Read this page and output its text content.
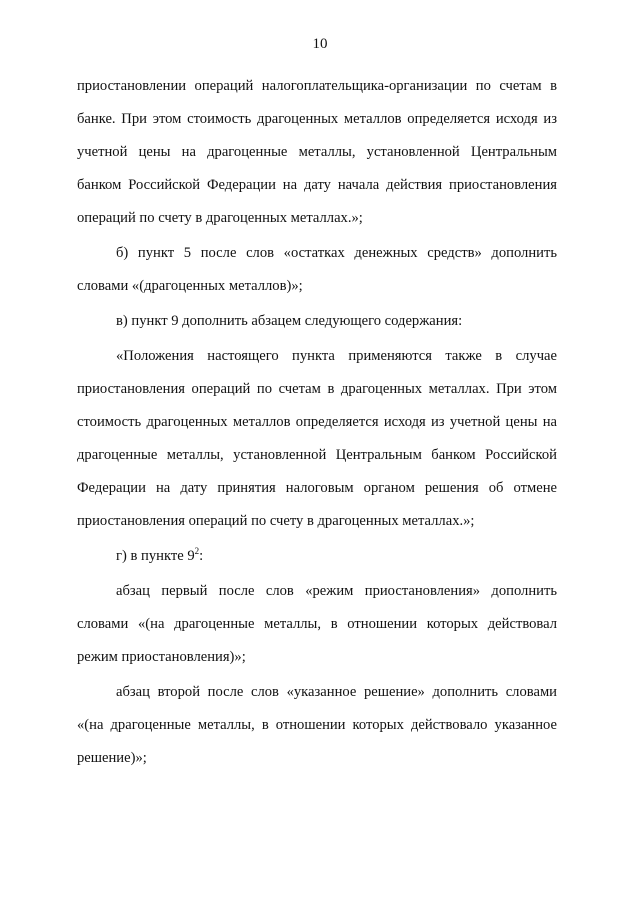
10

приостановлении операций налогоплательщика-организации по счетам в
банке. При этом стоимость драгоценных металлов определяется исходя из
учетной цены на драгоценные металлы, установленной Центральным
банком Российской Федерации на дату начала действия приостановления
операций по счету в драгоценных металлах.»;

б) пункт 5 после слов «остатках денежных средств» дополнить
словами «(драгоценных металлов)»;

в) пункт 9 дополнить абзацем следующего содержания:

«Положения настоящего пункта применяются также в случае
приостановления операций по счетам в драгоценных металлах. При этом
стоимость драгоценных металлов определяется исходя из учетной цены на
драгоценные металлы, установленной Центральным банком Российской
Федерации на дату принятия налоговым органом решения об отмене
приостановления операций по счету в драгоценных металлах.»;

г) в пункте $9^2$:

абзац первый после слов «режим приостановления» дополнить
словами «(на драгоценные металлы, в отношении которых действовал
режим приостановления)»;

абзац второй после слов «указанное решение» дополнить словами
«(на драгоценные металлы, в отношении которых действовало указанное
решение)»;
